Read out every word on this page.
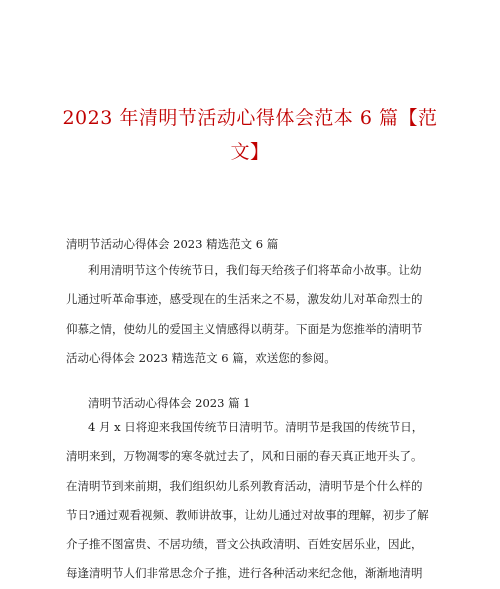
2023 年清明节活动心得体会范本 6 篇【范
文】
清明节活动心得体会 2023 精选范文 6 篇
利用清明节这个传统节日，我们每天给孩子们将革命小故事。让幼
儿通过听革命事迹，感受现在的生活来之不易，激发幼儿对革命烈士的
仰慕之情，使幼儿的爱国主义情感得以萌芽。下面是为您推举的清明节
活动心得体会 2023 精选范文 6 篇，欢送您的参阅。
清明节活动心得体会 2023 篇 1
4 月 x 日将迎来我国传统节日清明节。清明节是我国的传统节日，
清明来到，万物凋零的寒冬就过去了，风和日丽的春天真正地开头了。
在清明节到来前期，我们组织幼儿系列教育活动，清明节是个什么样的
节日?通过观看视频、教师讲故事，让幼儿通过对故事的理解，初步了解
介子推不图富贵、不居功绩，晋文公执政清明、百姓安居乐业，因此，
每逢清明节人们非常思念介子推，进行各种活动来纪念他，渐渐地清明
